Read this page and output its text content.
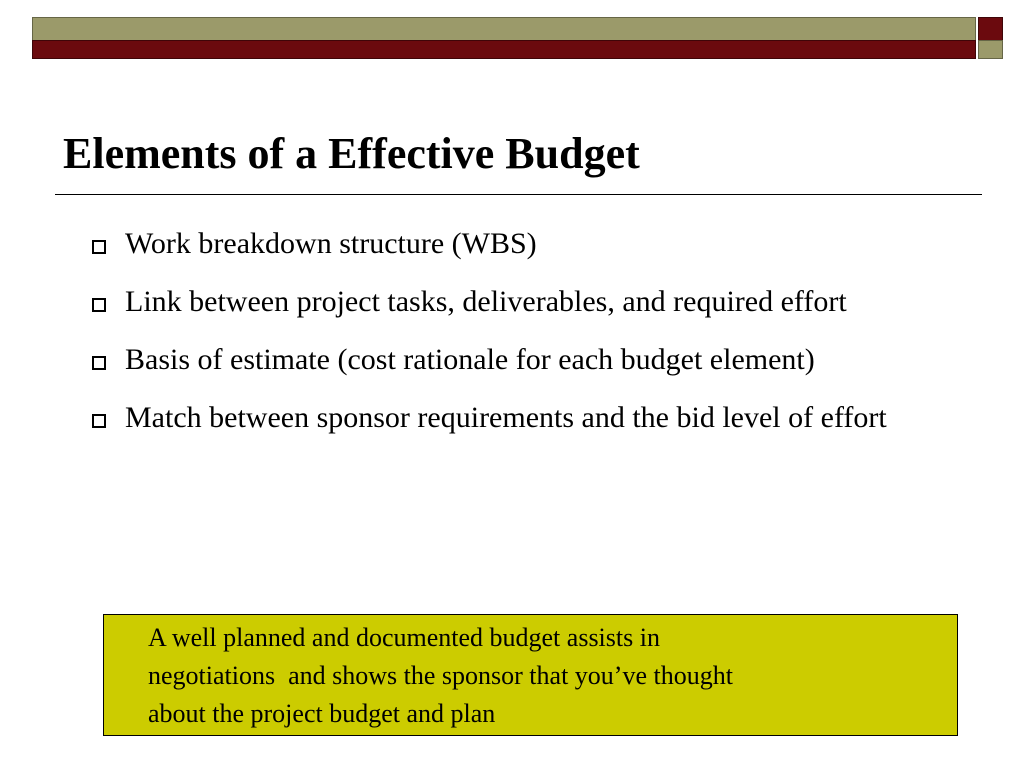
Elements of a Effective Budget
Work breakdown structure (WBS)
Link between project tasks, deliverables, and required effort
Basis of estimate (cost rationale for each budget element)
Match between sponsor requirements and the bid level of effort

A well planned and documented budget assists in
negotiations  and shows the sponsor that you’ve thought
about the project budget and plan
